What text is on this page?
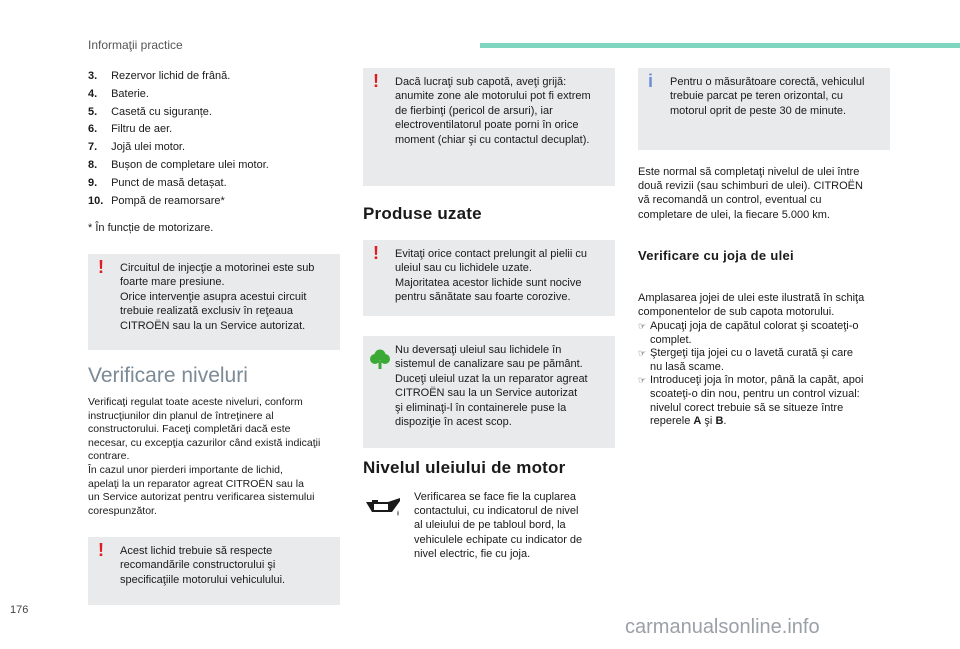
Informaţii practice
3. Rezervor lichid de frână.
4. Baterie.
5. Casetă cu siguranțe.
6. Filtru de aer.
7. Jojă ulei motor.
8. Bușon de completare ulei motor.
9. Punct de masă detașat.
10. Pompă de reamorsare*
* În funcție de motorizare.
! Circuitul de injecţie a motorinei este sub
foarte mare presiune.
Orice intervenţie asupra acestui circuit
trebuie realizată exclusiv în reţeaua
CITROËN sau la un Service autorizat.
Verificare niveluri

Verificaţi regulat toate aceste niveluri, conform

instrucţiunilor din planul de întreţinere al

constructorului. Faceţi completări dacă este

necesar, cu excepţia cazurilor când există indicaţii

contrare.

În cazul unor pierderi importante de lichid,

apelaţi la un reparator agreat CITROËN sau la

un Service autorizat pentru verificarea sistemului

corespunzător.

! Acest lichid trebuie să respecte
recomandările constructorului şi
specificaţiile motorului vehiculului.
! Dacă lucraţi sub capotă, aveţi grijă:
anumite zone ale motorului pot fi extrem
de fierbinţi (pericol de arsuri), iar
electroventilatorul poate porni în orice
moment (chiar şi cu contactul decuplat).
Produse uzate
! Evitaţi orice contact prelungit al pielii cu
uleiul sau cu lichidele uzate.
Majoritatea acestor lichide sunt nocive
pentru sănătate sau foarte corozive.
Nu deversaţi uleiul sau lichidele în
sistemul de canalizare sau pe pământ.
Duceţi uleiul uzat la un reparator agreat
CITROËN sau la un Service autorizat
şi eliminaţi-l în containerele puse la
dispoziţie în acest scop.
Nivelul uleiului de motor

Verificarea se face fie la cuplarea

contactului, cu indicatorul de nivel

al uleiului de pe tabloul bord, la

vehiculele echipate cu indicator de

nivel electric, fie cu joja.

i Pentru o măsurătoare corectă, vehiculul
trebuie parcat pe teren orizontal, cu
motorul oprit de peste 30 de minute.

Este normal să completaţi nivelul de ulei între

două revizii (sau schimburi de ulei). CITROËN

vă recomandă un control, eventual cu

completare de ulei, la fiecare 5.000 km.

Verificare cu joja de ulei

Amplasarea jojei de ulei este ilustrată în schiţa

componentelor de sub capota motorului.

☞ Apucaţi joja de capătul colorat şi scoateţi-o
complet.
☞ Ştergeţi tija jojei cu o lavetă curată şi care
nu lasă scame.
☞ Introduceţi joja în motor, până la capăt, apoi
scoateţi-o din nou, pentru un control vizual:
nivelul corect trebuie să se situeze între
reperele A şi B.
176
carmanualsonline.info
